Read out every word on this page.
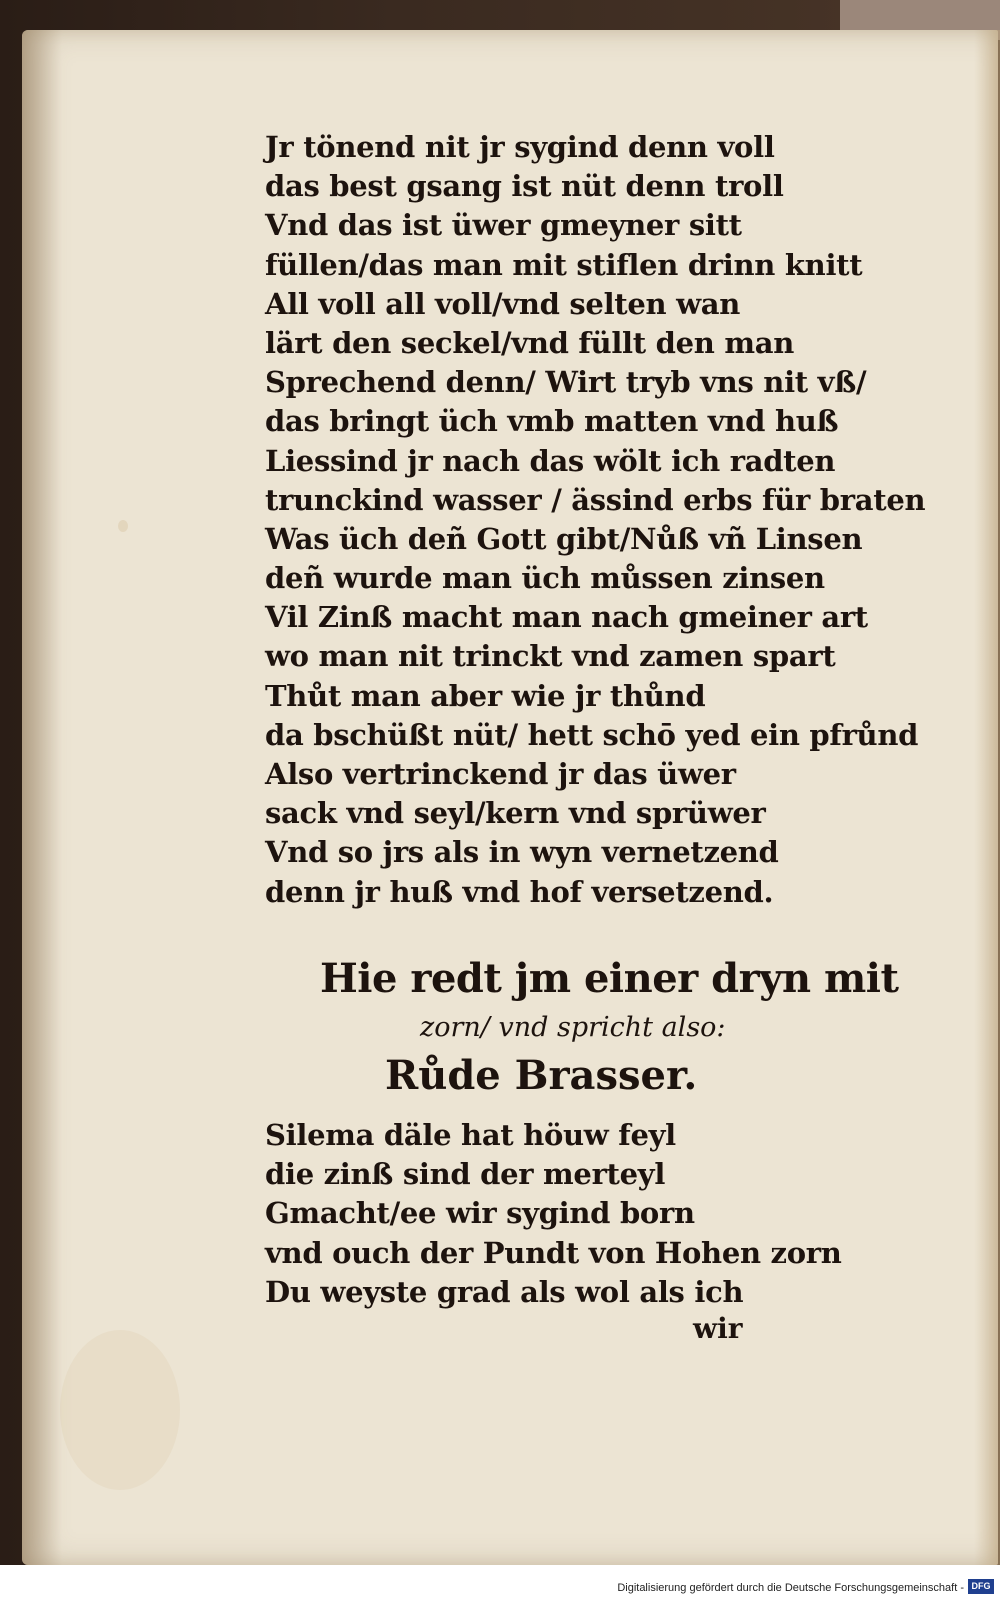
Jr tönend nit jr sygind denn voll
das best gsang ist nüt denn troll
Vnd das ist üwer gmeyner sitt
füllen/das man mit stiflen drinn knitt
All voll all voll/vnd selten wan
lärt den seckel/vnd füllt den man
Sprechend denn/ Wirt tryb vns nit vß/
das bringt üch vmb matten vnd huß
Liessind jr nach das wölt ich radten
trunckind wasser / ässind erbs für braten
Was üch deñ Gott gibt/Nůß vñ Linsen
deñ wurde man üch můssen zinsen
Vil Zinß macht man nach gmeiner art
wo man nit trinckt vnd zamen spart
Thůt man aber wie jr thůnd
da bschüßt nüt/ hett schō yed ein pfrůnd
Also vertrinckend jr das üwer
sack vnd seyl/kern vnd sprüwer
Vnd so jrs als in wyn vernetzend
denn jr huß vnd hof versetzend.
Hie redt jm einer dryn mit
zorn/ vnd spricht also:
Růde Brasser.
Silema däle hat höuw feyl
die zinß sind der merteyl
Gmacht/ee wir sygind born
vnd ouch der Pundt von Hohen zorn
Du weyste grad als wol als ich
wir
Digitalisierung gefördert durch die Deutsche Forschungsgemeinschaft - DFG
